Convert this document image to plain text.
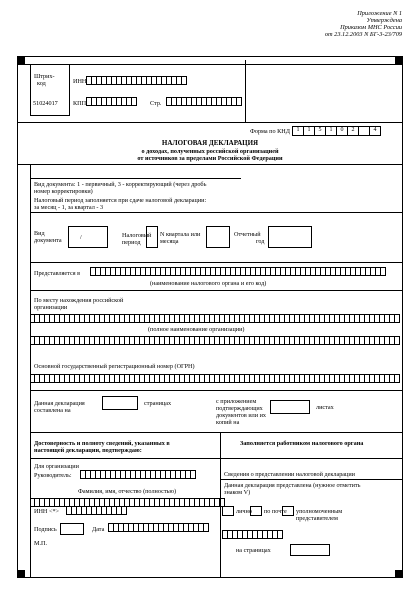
Приложение N 1
Утверждена
Приказом МНС России
от 23.12.2003 N БГ-3-23/709
Штрих-
код
51024017
ИНН
КПП	Стр.
Форма по КНД	1	1	5	1	0	2	4
НАЛОГОВАЯ ДЕКЛАРАЦИЯ
о доходах, полученных российской организацией
от источников за пределами Российской Федерации
Вид документа: 1 - первичный, 3 - корректирующий (через дробь
номер корректировки)
Налоговый период заполняется при сдаче налоговой декларации:
за месяц - 1, за квартал - 3
Вид
документа	/	Налоговый
период
N квартала или
месяца
Отчетный
год
Представляется в
(наименование налогового органа и его код)
По месту нахождения российской
организации
(полное наименование организации)
Основной государственный регистрационный номер (ОГРН)
Данная декларация
составлена на
страницах	с приложением
подтверждающих
документов или их
копий на
листах
Достоверность и полноту сведений, указанных в
настоящей декларации, подтверждаю:
Заполняется работником налогового органа
Для организации
Руководитель:
Фамилия, имя, отчество (полностью)
ИНН <*>
Подпись	Дата
М.П.
Сведения о представлении налоговой декларации
Данная декларация представлена (нужное отметить
знаком V)
лично по почте уполномоченным
представителем
на страницах
